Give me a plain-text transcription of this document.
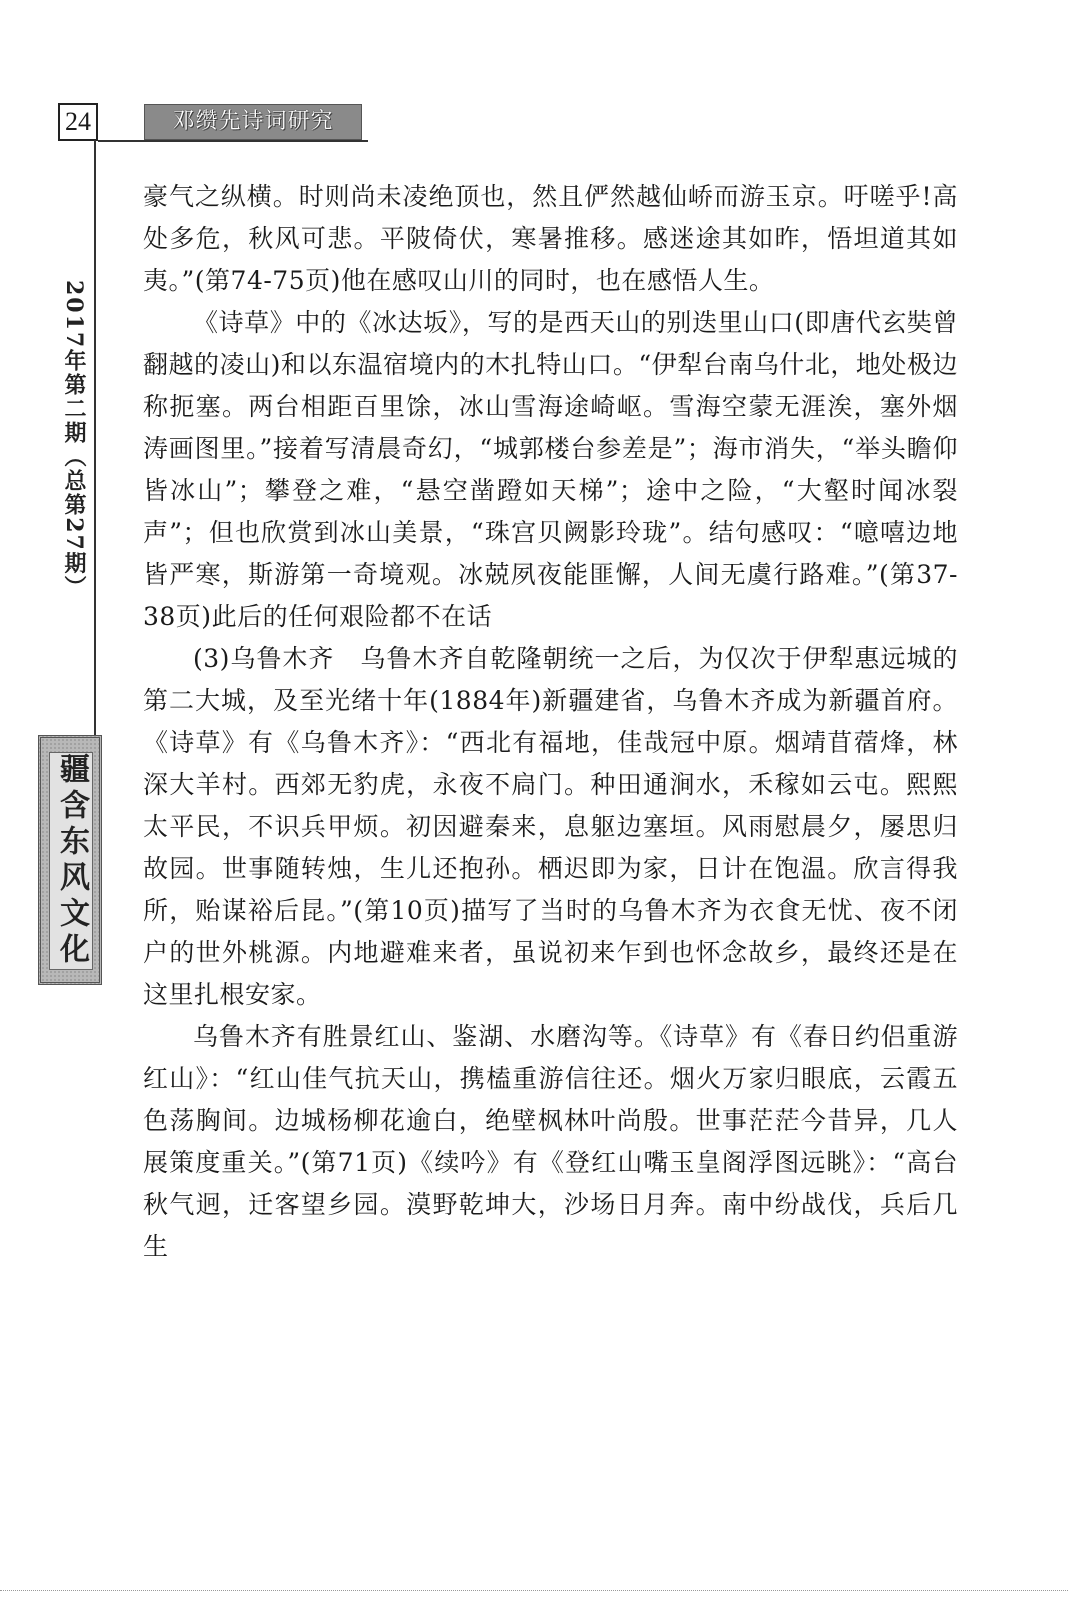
24	邓缵先诗词研究
2017年第二期（总第27期）
疆含东风文化

豪气之纵横。时则尚未凌绝顶也，然且俨然越仙峤而游玉京。吁嗟乎!高处多危，秋风可悲。平陂倚伏，寒暑推移。感迷途其如昨，悟坦道其如夷。”(第74-75页)他在感叹山川的同时，也在感悟人生。

《诗草》中的《冰达坂》，写的是西天山的别迭里山口(即唐代玄奘曾翻越的凌山)和以东温宿境内的木扎特山口。“伊犁台南乌什北，地处极边称扼塞。两台相距百里馀，冰山雪海途崎岖。雪海空蒙无涯涘，塞外烟涛画图里。”接着写清晨奇幻，“城郭楼台参差是”；海市消失，“举头瞻仰皆冰山”；攀登之难，“悬空凿蹬如天梯”；途中之险，“大壑时闻冰裂声”；但也欣赏到冰山美景，“珠宫贝阙影玲珑”。结句感叹：“噫嘻边地皆严寒，斯游第一奇境观。冰兢夙夜能匪懈，人间无虞行路难。”(第37-38页)此后的任何艰险都不在话

(3)乌鲁木齐　乌鲁木齐自乾隆朝统一之后，为仅次于伊犁惠远城的第二大城，及至光绪十年(1884年)新疆建省，乌鲁木齐成为新疆首府。《诗草》有《乌鲁木齐》：“西北有福地，佳哉冠中原。烟靖苜蓿烽，林深大羊村。西郊无豹虎，永夜不扃门。种田通涧水，禾稼如云屯。熙熙太平民，不识兵甲烦。初因避秦来，息躯边塞垣。风雨慰晨夕，屡思归故园。世事随转烛，生儿还抱孙。栖迟即为家，日计在饱温。欣言得我所，贻谋裕后昆。”(第10页)描写了当时的乌鲁木齐为衣食无忧、夜不闭户的世外桃源。内地避难来者，虽说初来乍到也怀念故乡，最终还是在这里扎根安家。

乌鲁木齐有胜景红山、鉴湖、水磨沟等。《诗草》有《春日约侣重游红山》：“红山佳气抗天山，携榼重游信往还。烟火万家归眼底，云霞五色荡胸间。边城杨柳花逾白，绝壁枫林叶尚殷。世事茫茫今昔异，几人展策度重关。”(第71页)《续吟》有《登红山嘴玉皇阁浮图远眺》：“高台秋气迥，迁客望乡园。漠野乾坤大，沙场日月奔。南中纷战伐，兵后几生
